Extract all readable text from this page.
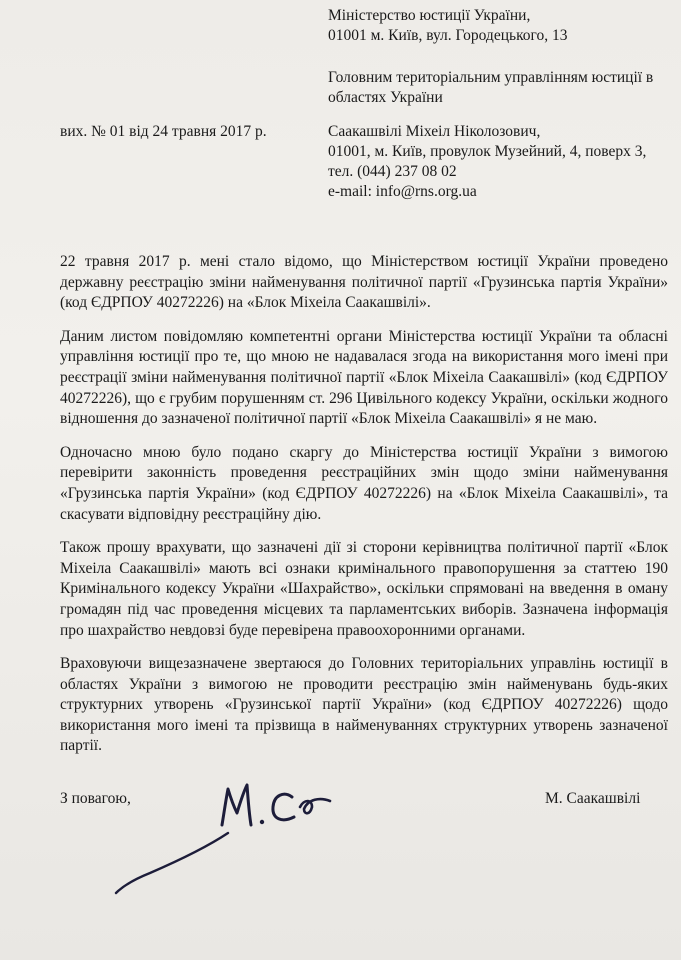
Міністерство юстиції України,
01001 м. Київ, вул. Городецького, 13
Головним територіальним управлінням юстиції в
областях України
вих. № 01 від 24 травня 2017 р.	Саакашвілі Міхеіл Ніколозович,
01001, м. Київ, провулок Музейний, 4, поверх 3,
тел. (044) 237 08 02
e-mail: info@rns.org.ua

22 травня 2017 р. мені стало відомо, що Міністерством юстиції України проведено державну реєстрацію зміни найменування політичної партії «Грузинська партія України» (код ЄДРПОУ 40272226) на «Блок Міхеіла Саакашвілі».

Даним листом повідомляю компетентні органи Міністерства юстиції України та обласні управління юстиції про те, що мною не надавалася згода на використання мого імені при реєстрації зміни найменування політичної партії «Блок Міхеіла Саакашвілі» (код ЄДРПОУ 40272226), що є грубим порушенням ст. 296 Цивільного кодексу України, оскільки жодного відношення до зазначеної політичної партії «Блок Міхеіла Саакашвілі» я не маю.

Одночасно мною було подано скаргу до Міністерства юстиції України з вимогою перевірити законність проведення реєстраційних змін щодо зміни найменування «Грузинська партія України» (код ЄДРПОУ 40272226) на «Блок Міхеіла Саакашвілі», та скасувати відповідну реєстраційну дію.

Також прошу врахувати, що зазначені дії зі сторони керівництва політичної партії «Блок Міхеіла Саакашвілі» мають всі ознаки кримінального правопорушення за статтею 190 Кримінального кодексу України «Шахрайство», оскільки спрямовані на введення в оману громадян під час проведення місцевих та парламентських виборів. Зазначена інформація про шахрайство невдовзі буде перевірена правоохоронними органами.

Враховуючи вищезазначене звертаюся до Головних територіальних управлінь юстиції в областях України з вимогою не проводити реєстрацію змін найменувань будь-яких структурних утворень «Грузинської партії України» (код ЄДРПОУ 40272226) щодо використання мого імені та прізвища в найменуваннях структурних утворень зазначеної партії.

З повагою,	М. Саакашвілі
